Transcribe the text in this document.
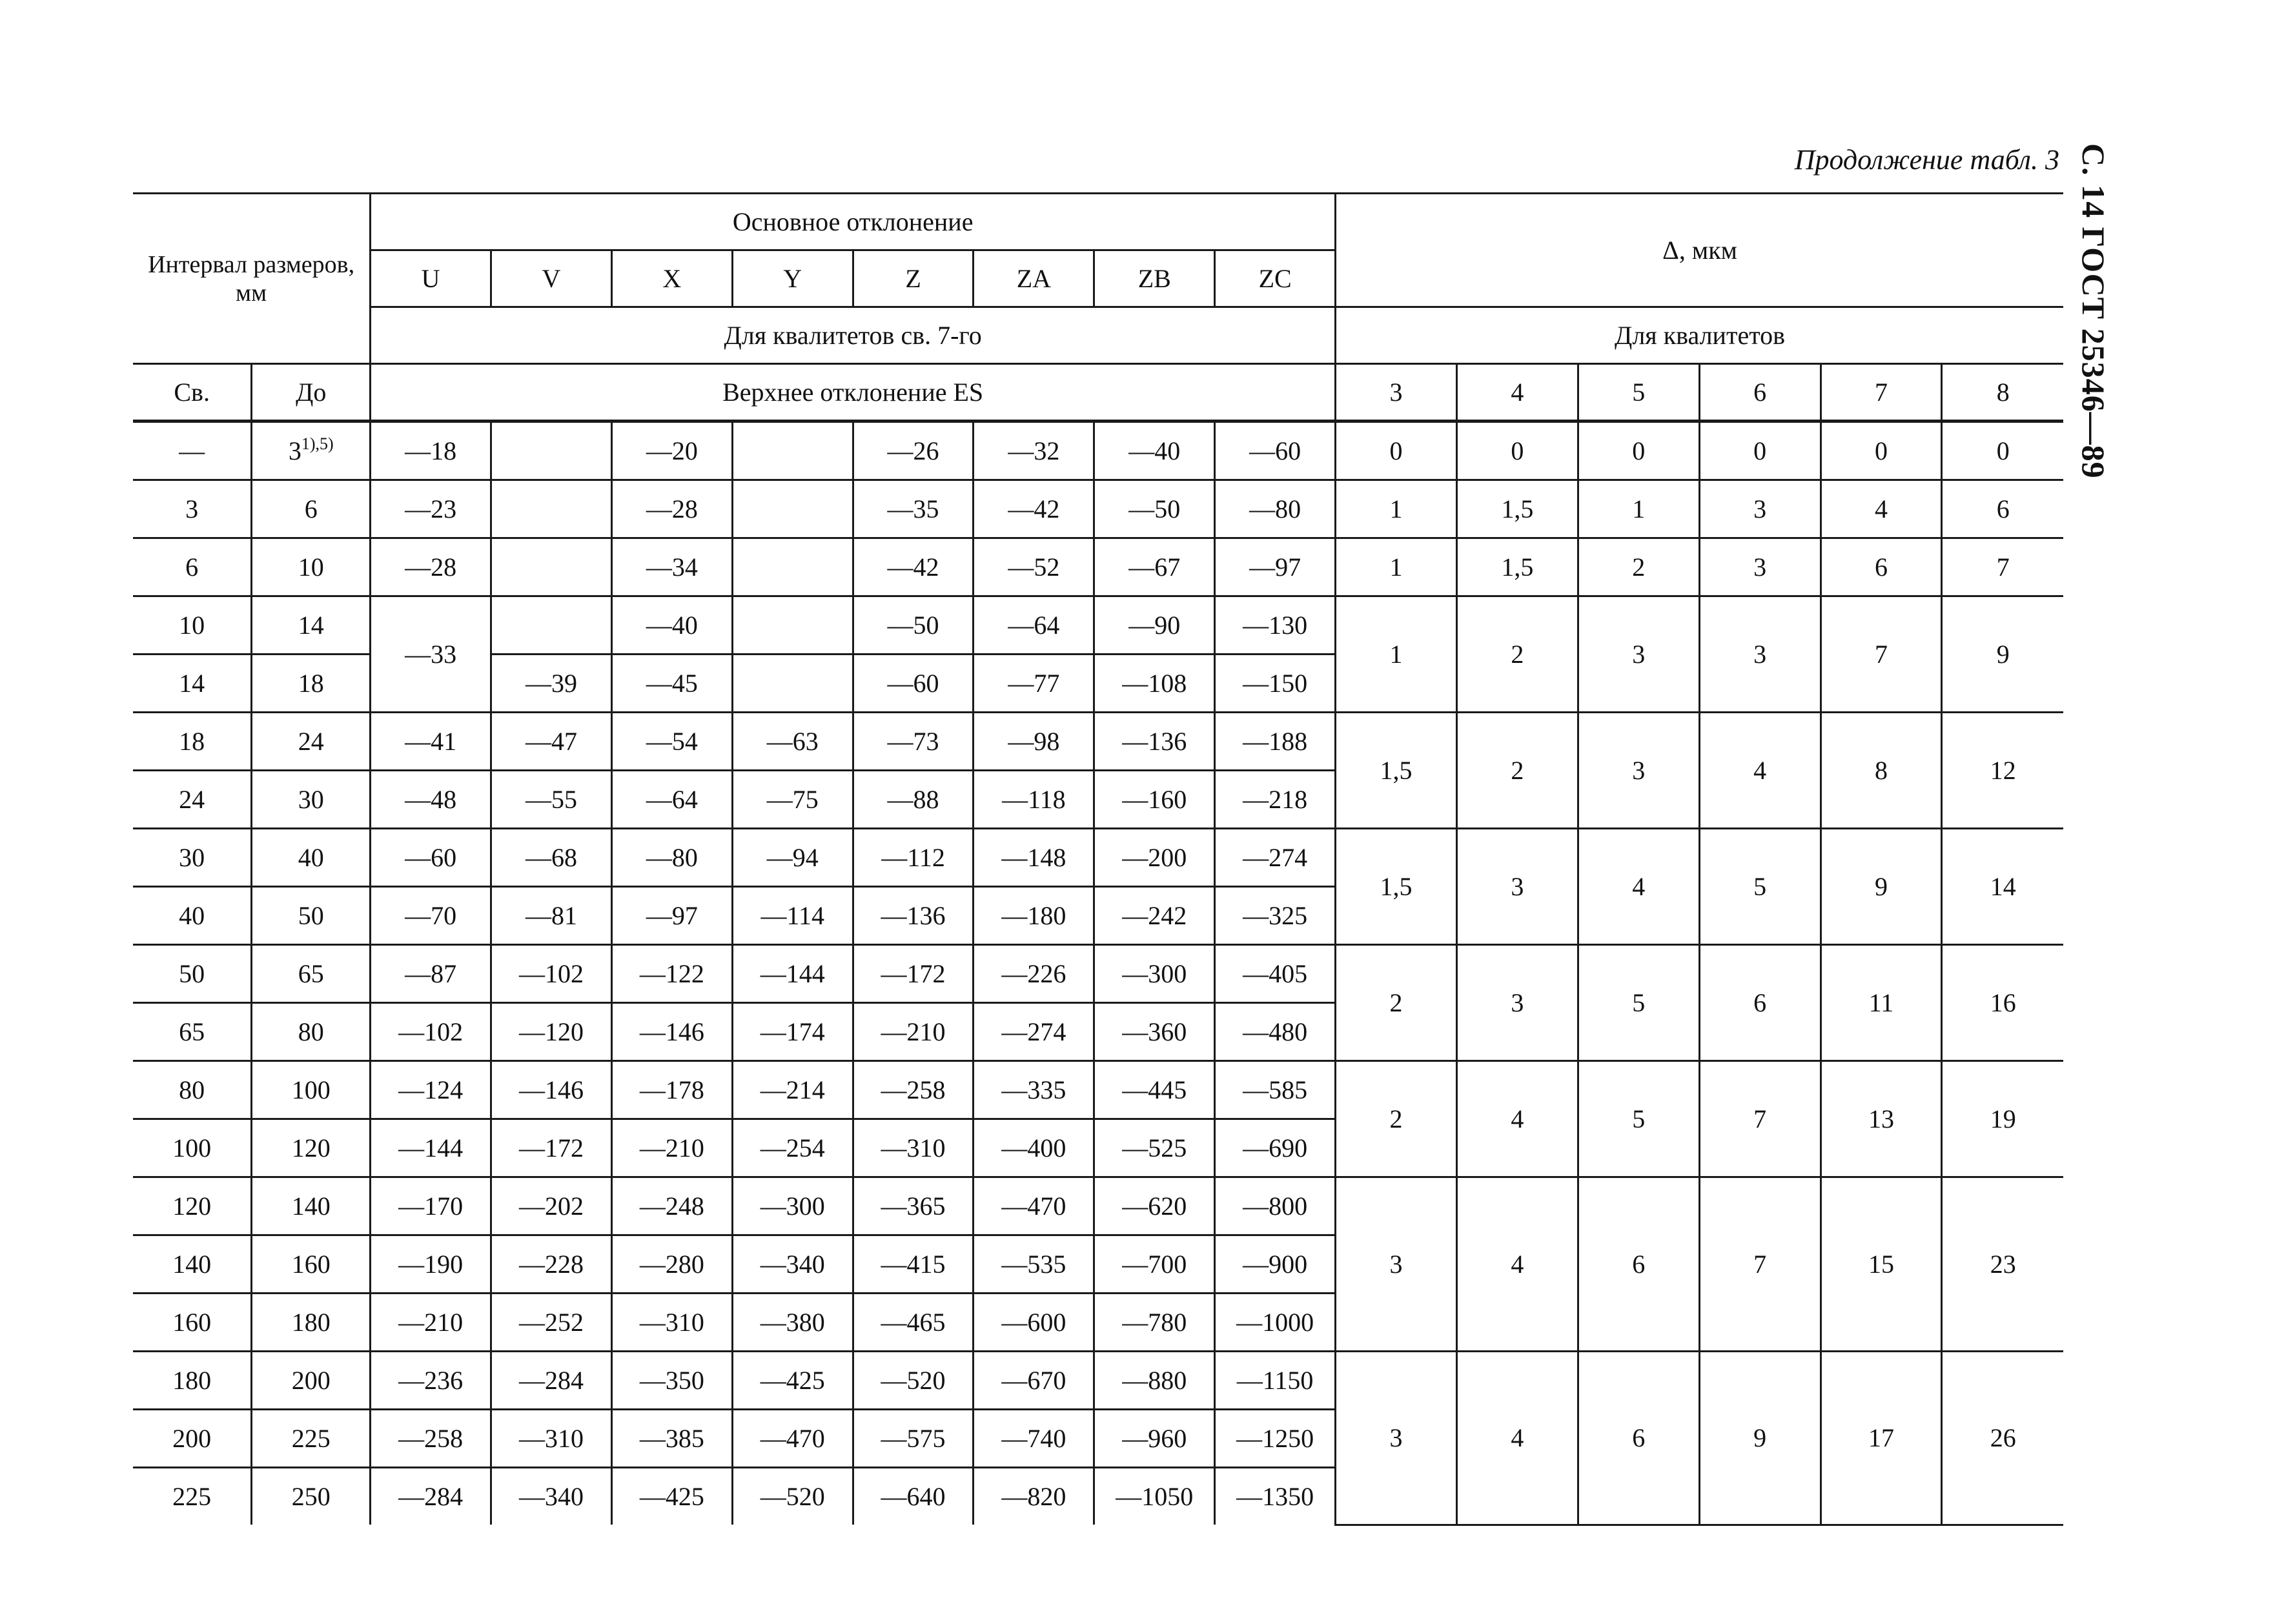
Продолжение табл. 3 С. 14 ГОСТ 25346—89
Интервал размеров, мм		Основное отклонение								Δ, мкм					
		U	V	X	Y	Z	ZA	ZB	ZC						
		Для квалитетов св. 7-го								Для квалитетов					
Св.	До	Верхнее отклонение ES								3	4	5	6	7	8
—	$3^{1),5)}$	—18		—20		—26	—32	—40	—60	0	0	0	0	0	0
3	6	—23		—28		—35	—42	—50	—80	1	1,5	1	3	4	6
6	10	—28		—34		—42	—52	—67	—97	1	1,5	2	3	6	7
10	14	—33		—40		—50	—64	—90	—130	1	2	3	3	7	9
14	18		—39	—45		—60	—77	—108	—150						
18	24	—41	—47	—54	—63	—73	—98	—136	—188	1,5	2	3	4	8	12
24	30	—48	—55	—64	—75	—88	—118	—160	—218						
30	40	—60	—68	—80	—94	—112	—148	—200	—274	1,5	3	4	5	9	14
40	50	—70	—81	—97	—114	—136	—180	—242	—325						
50	65	—87	—102	—122	—144	—172	—226	—300	—405	2	3	5	6	11	16
65	80	—102	—120	—146	—174	—210	—274	—360	—480						
80	100	—124	—146	—178	—214	—258	—335	—445	—585	2	4	5	7	13	19
100	120	—144	—172	—210	—254	—310	—400	—525	—690						
120	140	—170	—202	—248	—300	—365	—470	—620	—800	3	4	6	7	15	23
140	160	—190	—228	—280	—340	—415	—535	—700	—900						
160	180	—210	—252	—310	—380	—465	—600	—780	—1000						
180	200	—236	—284	—350	—425	—520	—670	—880	—1150	3	4	6	9	17	26
200	225	—258	—310	—385	—470	—575	—740	—960	—1250						
225	250	—284	—340	—425	—520	—640	—820	—1050	—1350						
